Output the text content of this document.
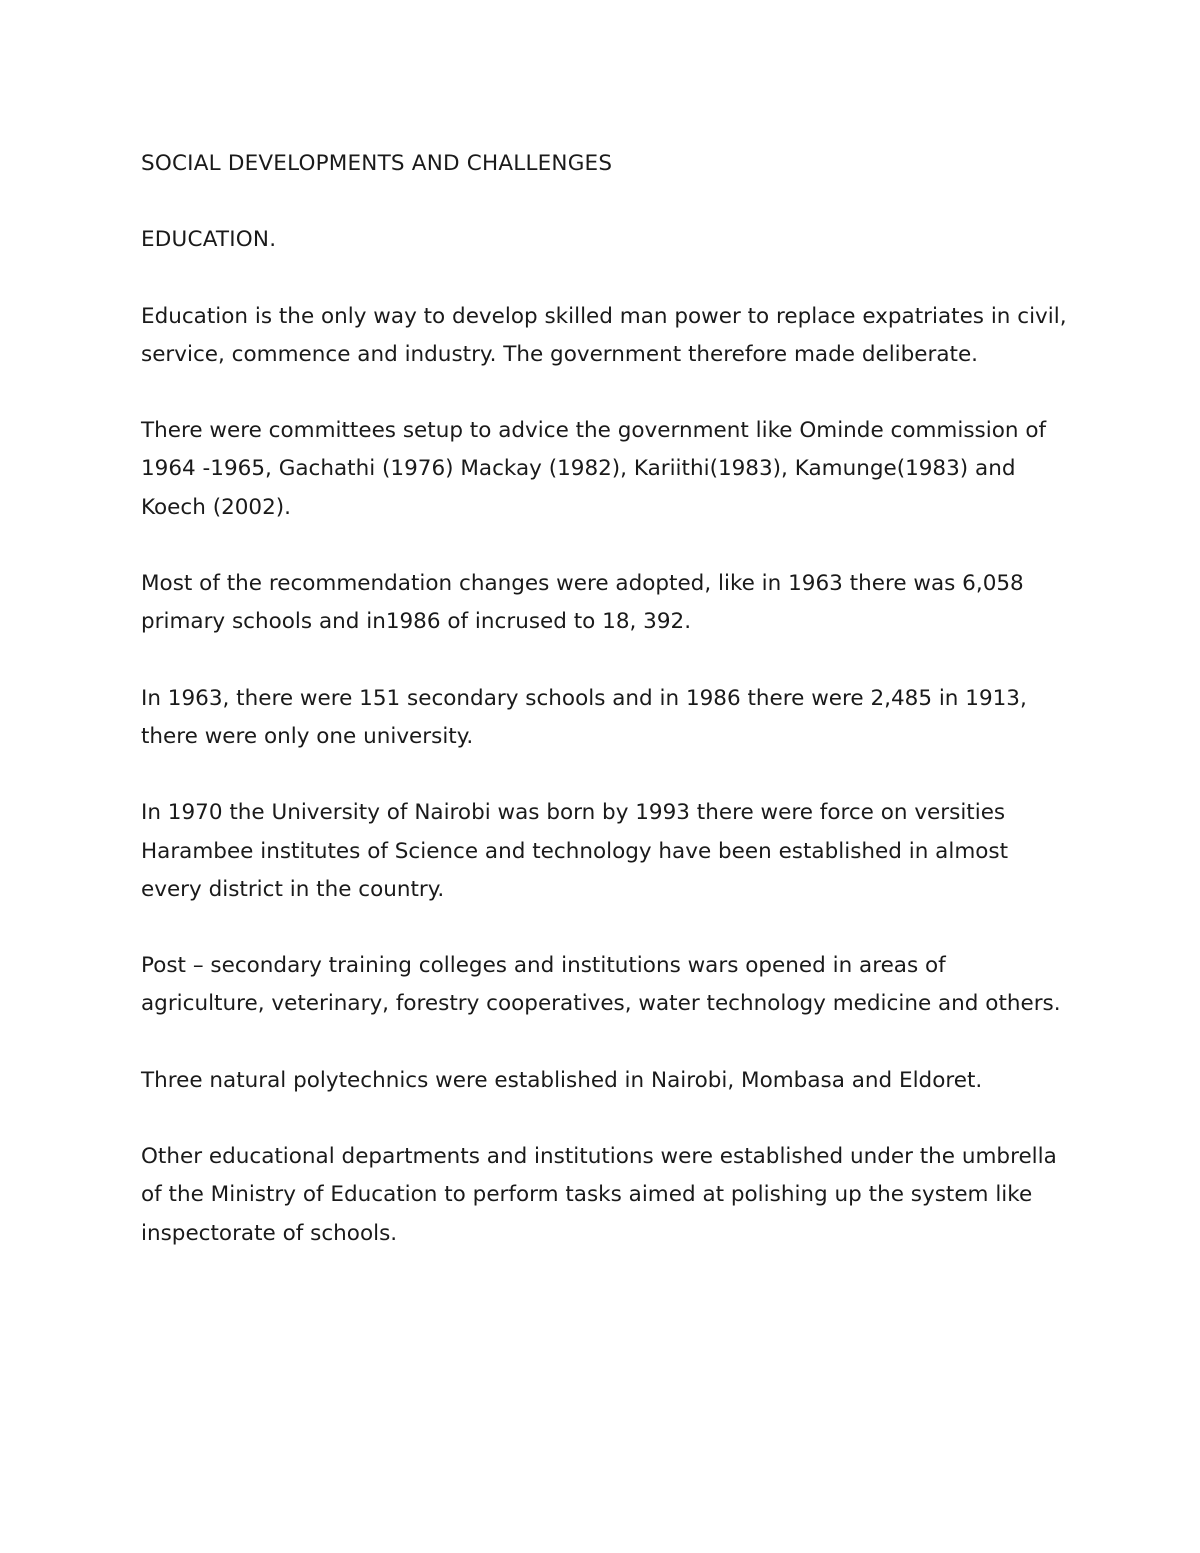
SOCIAL DEVELOPMENTS AND CHALLENGES
EDUCATION.

Education is the only way to develop skilled man power to replace expatriates in civil, service, commence and industry. The government therefore made deliberate.

There were committees setup to advice the government like Ominde commission of 1964 -1965, Gachathi (1976) Mackay (1982), Kariithi(1983), Kamunge(1983) and Koech (2002).

Most of the recommendation changes were adopted, like in 1963 there was 6,058 primary schools and in1986 of incrused to 18, 392.

In 1963, there were 151 secondary schools and in 1986 there were 2,485 in 1913, there were only one university.

In 1970 the University of Nairobi was born by 1993 there were force on versities Harambee institutes of Science and technology have been established in almost every district in the country.

Post – secondary training colleges and institutions wars opened in areas of agriculture, veterinary, forestry cooperatives, water technology medicine and others.

Three natural polytechnics were established in Nairobi, Mombasa and Eldoret.

Other educational departments and institutions were established under the umbrella of the Ministry of Education to perform tasks aimed at polishing up the system like inspectorate of schools.
